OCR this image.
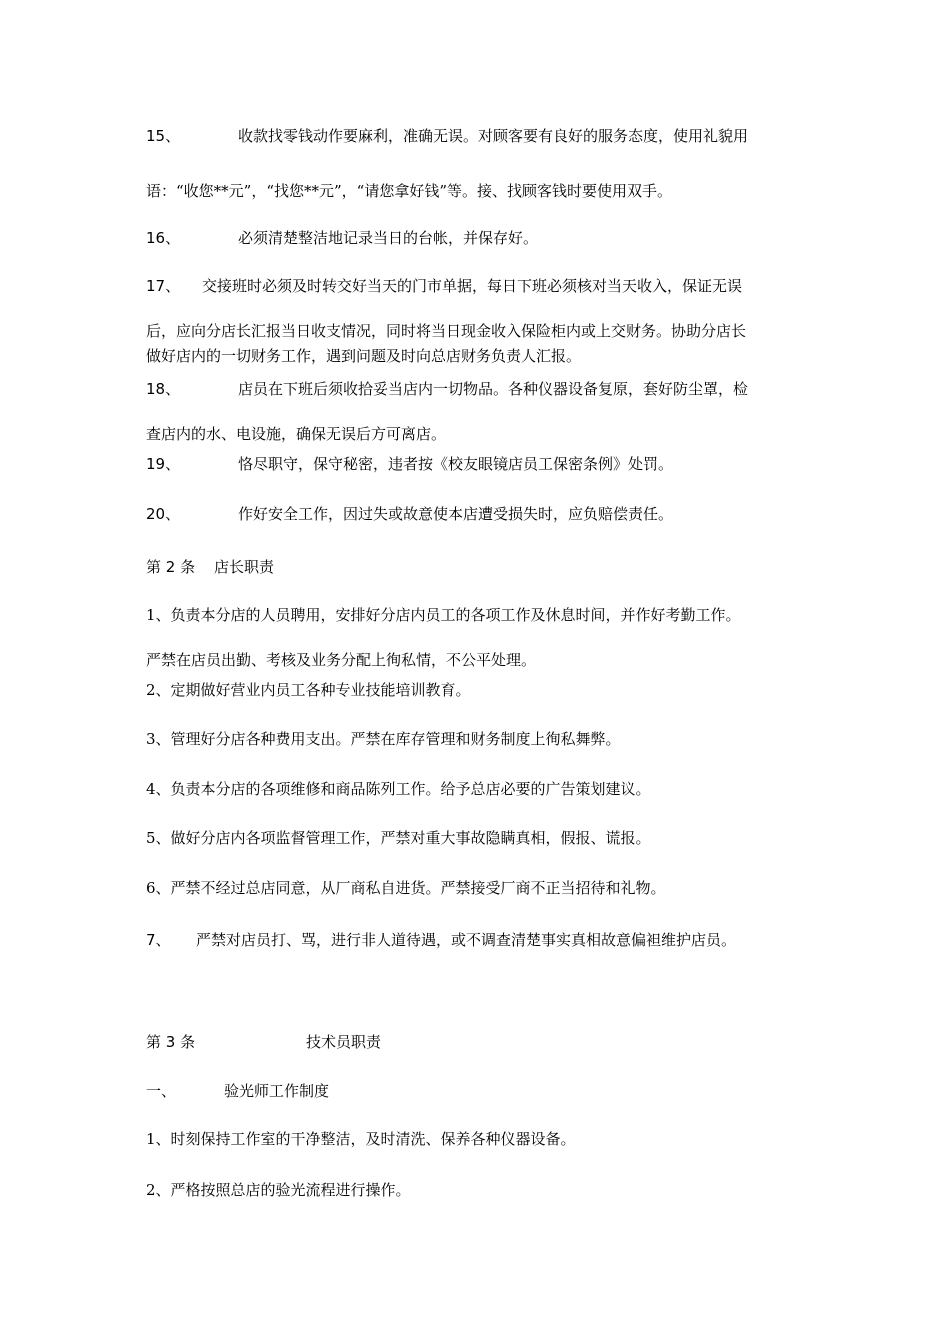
15、	收款找零钱动作要麻利，准确无误。对顾客要有良好的服务态度，使用礼貌用
语：“收您**元”，“找您**元”，“请您拿好钱”等。接、找顾客钱时要使用双手。
16、	必须清楚整洁地记录当日的台帐，并保存好。
17、 交接班时必须及时转交好当天的门市单据，每日下班必须核对当天收入，保证无误
后，应向分店长汇报当日收支情况，同时将当日现金收入保险柜内或上交财务。协助分店长
做好店内的一切财务工作，遇到问题及时向总店财务负责人汇报。
18、	店员在下班后须收拾妥当店内一切物品。各种仪器设备复原，套好防尘罩，检
查店内的水、电设施，确保无误后方可离店。
19、	恪尽职守，保守秘密，违者按《校友眼镜店员工保密条例》处罚。
20、	作好安全工作，因过失或故意使本店遭受损失时，应负赔偿责任。
第 2 条 店长职责
1、负责本分店的人员聘用，安排好分店内员工的各项工作及休息时间，并作好考勤工作。
严禁在店员出勤、考核及业务分配上徇私情，不公平处理。
2、定期做好营业内员工各种专业技能培训教育。
3、管理好分店各种费用支出。严禁在库存管理和财务制度上徇私舞弊。
4、负责本分店的各项维修和商品陈列工作。给予总店必要的广告策划建议。
5、做好分店内各项监督管理工作，严禁对重大事故隐瞒真相，假报、谎报。
6、严禁不经过总店同意，从厂商私自进货。严禁接受厂商不正当招待和礼物。
7、 严禁对店员打、骂，进行非人道待遇，或不调查清楚事实真相故意偏袒维护店员。
第 3 条	技术员职责
一、	验光师工作制度
1、时刻保持工作室的干净整洁，及时清洗、保养各种仪器设备。
2、严格按照总店的验光流程进行操作。
